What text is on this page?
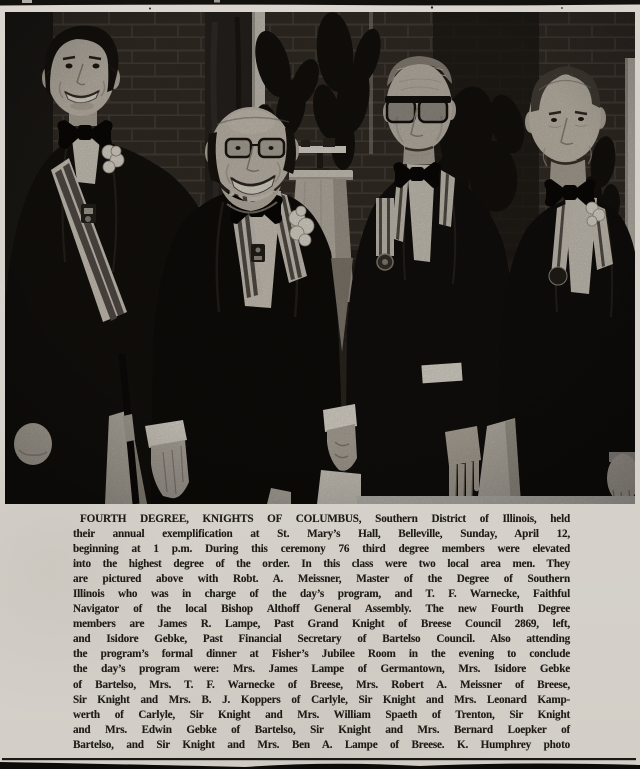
FOURTH DEGREE, KNIGHTS OF COLUMBUS, Southern District of Illinois, held
their annual exemplification at St. Mary’s Hall, Belleville, Sunday, April 12,
beginning at 1 p.m. During this ceremony 76 third degree members were elevated
into the highest degree of the order. In this class were two local area men. They
are pictured above with Robt. A. Meissner, Master of the Degree of Southern
Illinois who was in charge of the day’s program, and T. F. Warnecke, Faithful
Navigator of the local Bishop Althoff General Assembly. The new Fourth Degree
members are James R. Lampe, Past Grand Knight of Breese Council 2869, left,
and Isidore Gebke, Past Financial Secretary of Bartelso Council. Also attending
the program’s formal dinner at Fisher’s Jubilee Room in the evening to conclude
the day’s program were: Mrs. James Lampe of Germantown, Mrs. Isidore Gebke
of Bartelso, Mrs. T. F. Warnecke of Breese, Mrs. Robert A. Meissner of Breese,
Sir Knight and Mrs. B. J. Koppers of Carlyle, Sir Knight and Mrs. Leonard Kamp-
werth of Carlyle, Sir Knight and Mrs. William Spaeth of Trenton, Sir Knight
and Mrs. Edwin Gebke of Bartelso, Sir Knight and Mrs. Bernard Loepker of
Bartelso, and Sir Knight and Mrs. Ben A. Lampe of Breese. K. Humphrey photo
